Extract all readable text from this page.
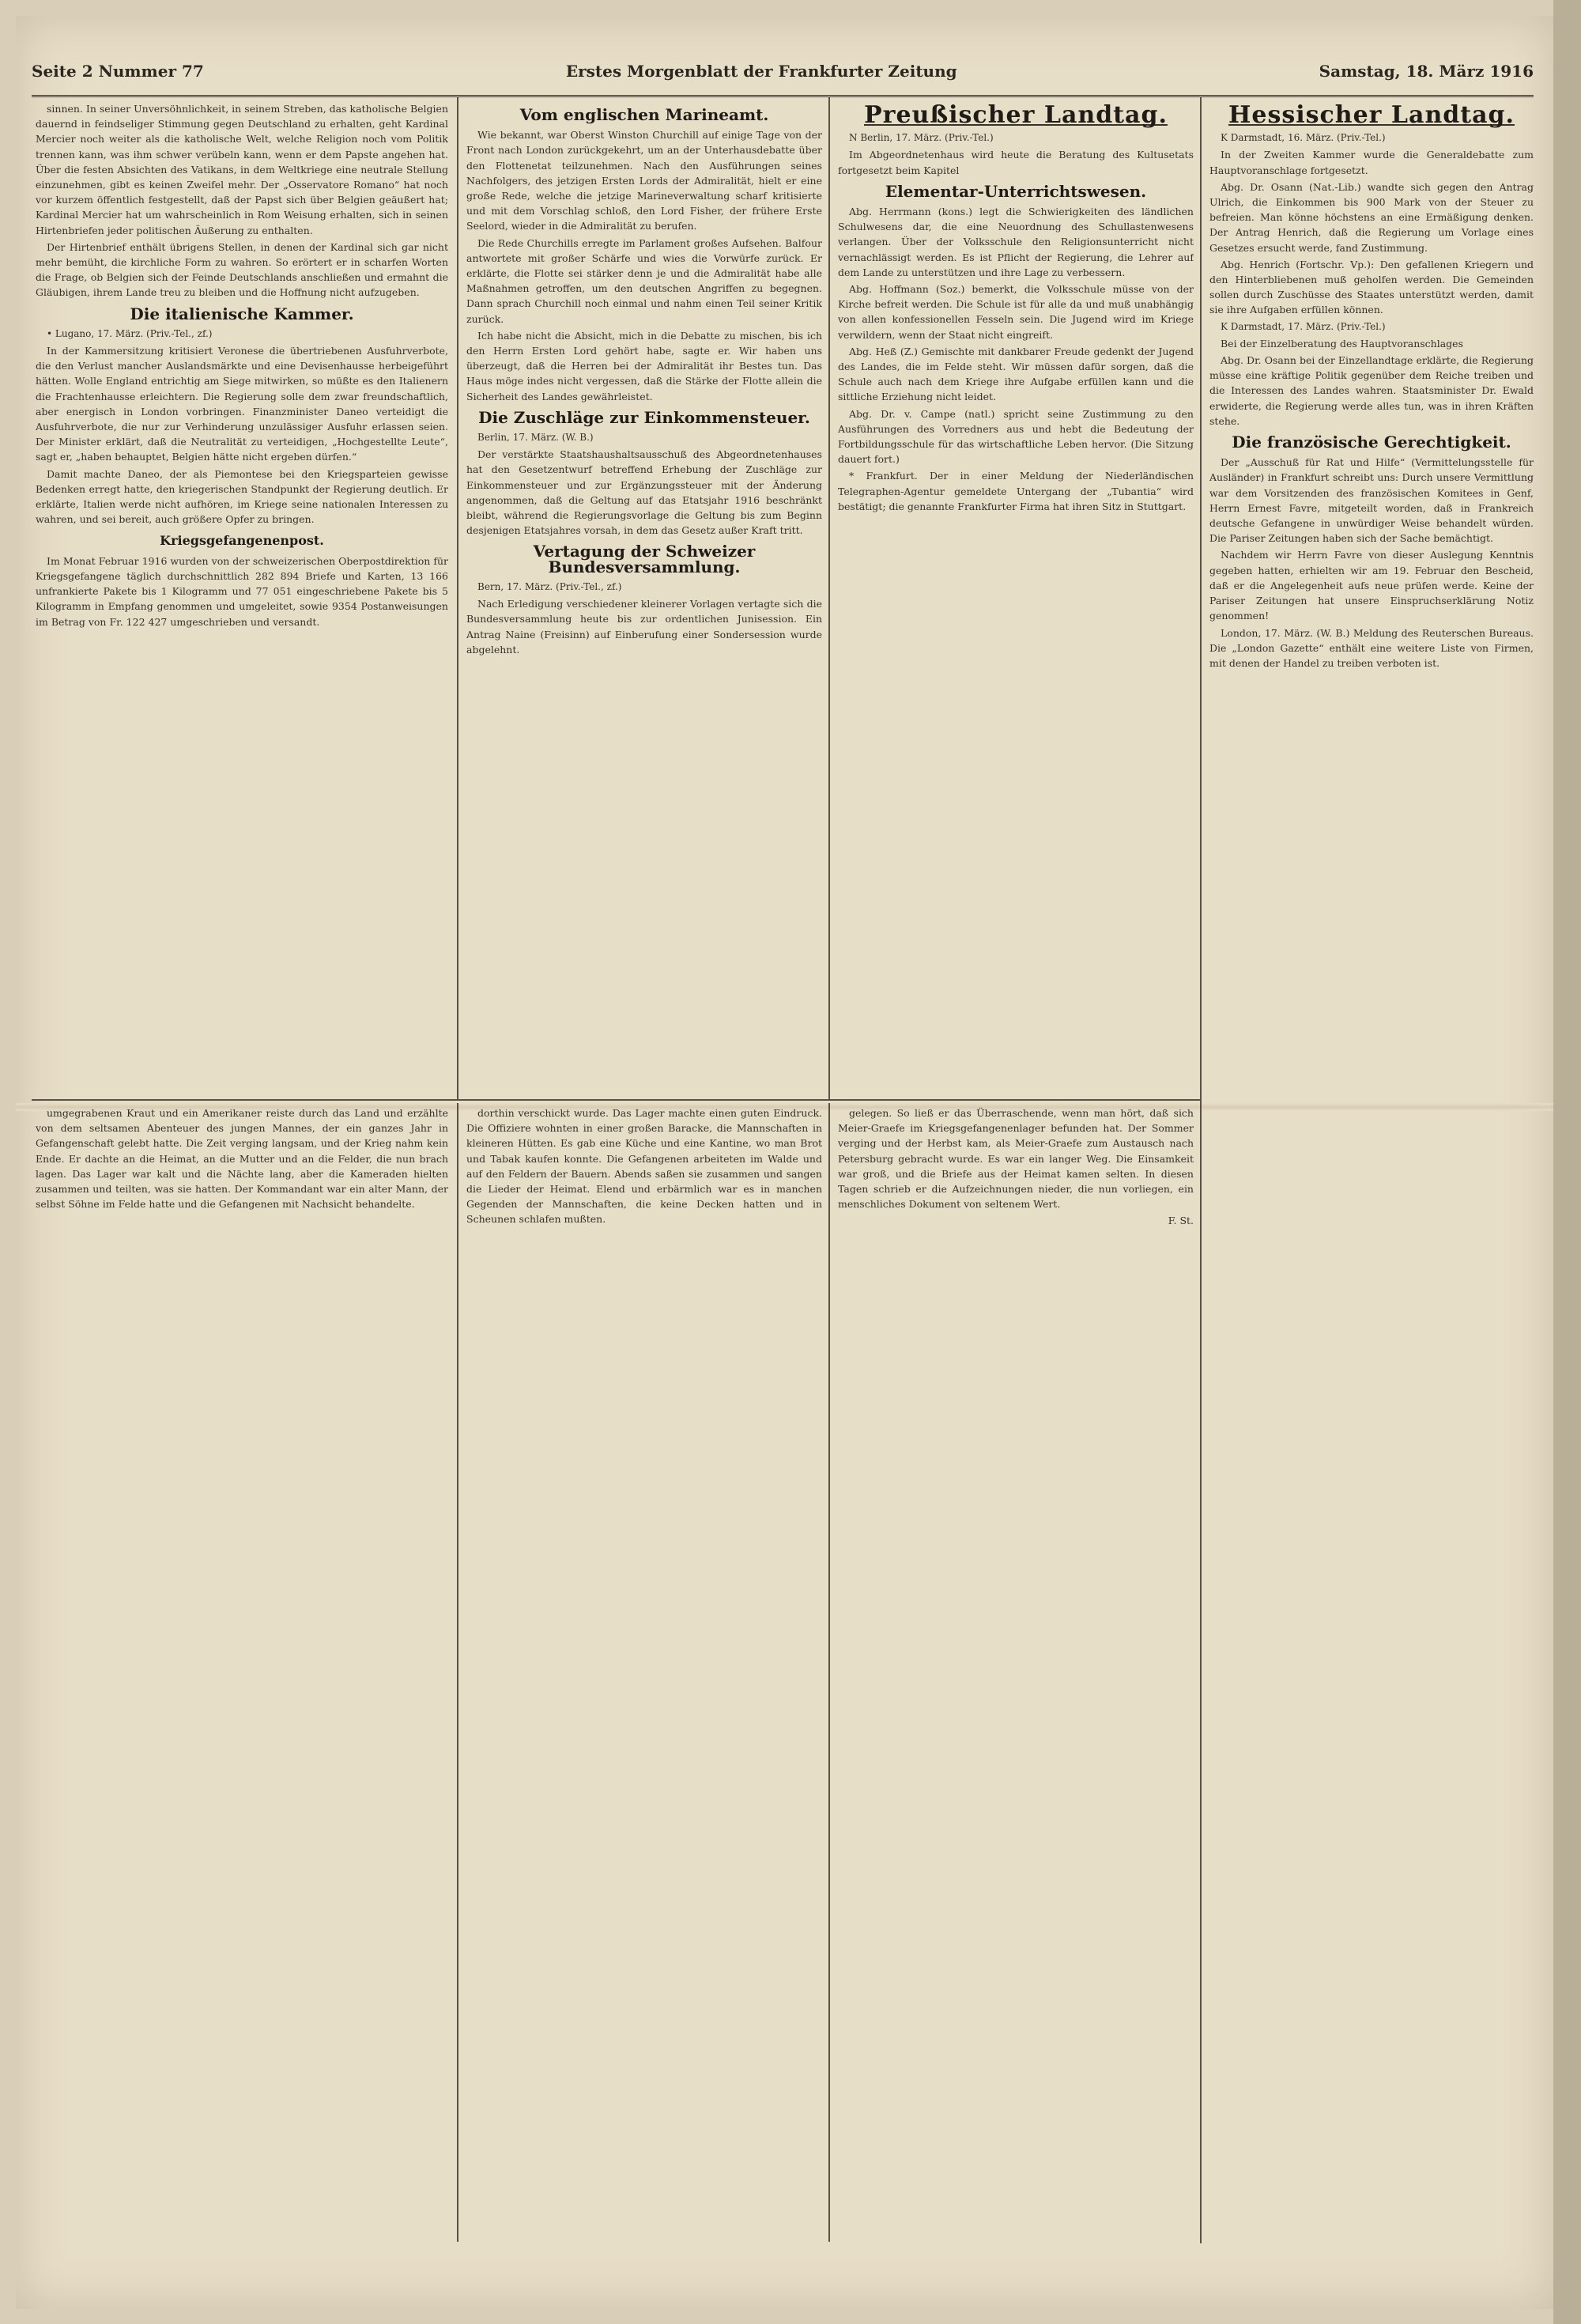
Seite 2 Nummer 77	Erstes Morgenblatt der Frankfurter Zeitung	Samstag, 18. März 1916

sinnen. In seiner Unversöhnlichkeit, in seinem Streben, das katholische Belgien dauernd in feindseliger Stimmung gegen Deutschland zu erhalten, geht Kardinal Mercier noch weiter als die katholische Welt, welche Religion noch vom Politik trennen kann, was ihm schwer verübeln kann, wenn er dem Papste angehen hat. Über die festen Absichten des Vatikans, in dem Weltkriege eine neutrale Stellung einzunehmen, gibt es keinen Zweifel mehr. Der „Osservatore Romano“ hat noch vor kurzem öffentlich festgestellt, daß der Papst sich über Belgien geäußert hat; Kardinal Mercier hat um wahrscheinlich in Rom Weisung erhalten, sich in seinen Hirtenbriefen jeder politischen Äußerung zu enthalten.

Der Hirtenbrief enthält übrigens Stellen, in denen der Kardinal sich gar nicht mehr bemüht, die kirchliche Form zu wahren. So erörtert er in scharfen Worten die Frage, ob Belgien sich der Feinde Deutschlands anschließen und ermahnt die Gläubigen, ihrem Lande treu zu bleiben und die Hoffnung nicht aufzugeben.

Die italienische Kammer.

• Lugano, 17. März. (Priv.-Tel., zf.)

In der Kammersitzung kritisiert Veronese die übertriebenen Ausfuhrverbote, die den Verlust mancher Auslandsmärkte und eine Devisenhausse herbeigeführt hätten. Wolle England entrichtig am Siege mitwirken, so müßte es den Italienern die Frachtenhausse erleichtern. Die Regierung solle dem zwar freundschaftlich, aber energisch in London vorbringen. Finanzminister Daneo verteidigt die Ausfuhrverbote, die nur zur Verhinderung unzulässiger Ausfuhr erlassen seien. Der Minister erklärt, daß die Neutralität zu verteidigen, „Hochgestellte Leute“, sagt er, „haben behauptet, Belgien hätte nicht ergeben dürfen.“

Damit machte Daneo, der als Piemontese bei den Kriegsparteien gewisse Bedenken erregt hatte, den kriegerischen Standpunkt der Regierung deutlich. Er erklärte, Italien werde nicht aufhören, im Kriege seine nationalen Interessen zu wahren, und sei bereit, auch größere Opfer zu bringen.

Kriegsgefangenenpost.

Im Monat Februar 1916 wurden von der schweizerischen Oberpostdirektion für Kriegsgefangene täglich durchschnittlich 282 894 Briefe und Karten, 13 166 unfrankierte Pakete bis 1 Kilogramm und 77 051 eingeschriebene Pakete bis 5 Kilogramm in Empfang genommen und umgeleitet, sowie 9354 Postanweisungen im Betrag von Fr. 122 427 umgeschrieben und versandt.

Vom englischen Marineamt.

Wie bekannt, war Oberst Winston Churchill auf einige Tage von der Front nach London zurückgekehrt, um an der Unterhausdebatte über den Flottenetat teilzunehmen. Nach den Ausführungen seines Nachfolgers, des jetzigen Ersten Lords der Admiralität, hielt er eine große Rede, welche die jetzige Marineverwaltung scharf kritisierte und mit dem Vorschlag schloß, den Lord Fisher, der frühere Erste Seelord, wieder in die Admiralität zu berufen.

Die Rede Churchills erregte im Parlament großes Aufsehen. Balfour antwortete mit großer Schärfe und wies die Vorwürfe zurück. Er erklärte, die Flotte sei stärker denn je und die Admiralität habe alle Maßnahmen getroffen, um den deutschen Angriffen zu begegnen. Dann sprach Churchill noch einmal und nahm einen Teil seiner Kritik zurück.

Ich habe nicht die Absicht, mich in die Debatte zu mischen, bis ich den Herrn Ersten Lord gehört habe, sagte er. Wir haben uns überzeugt, daß die Herren bei der Admiralität ihr Bestes tun. Das Haus möge indes nicht vergessen, daß die Stärke der Flotte allein die Sicherheit des Landes gewährleistet.

Die Zuschläge zur Einkommensteuer.

Berlin, 17. März. (W. B.)

Der verstärkte Staatshaushaltsausschuß des Abgeordnetenhauses hat den Gesetzentwurf betreffend Erhebung der Zuschläge zur Einkommensteuer und zur Ergänzungssteuer mit der Änderung angenommen, daß die Geltung auf das Etatsjahr 1916 beschränkt bleibt, während die Regierungsvorlage die Geltung bis zum Beginn desjenigen Etatsjahres vorsah, in dem das Gesetz außer Kraft tritt.

Vertagung der Schweizer Bundesversammlung.

Bern, 17. März. (Priv.-Tel., zf.)

Nach Erledigung verschiedener kleinerer Vorlagen vertagte sich die Bundesversammlung heute bis zur ordentlichen Junisession. Ein Antrag Naine (Freisinn) auf Einberufung einer Sondersession wurde abgelehnt.

Preußischer Landtag.

N Berlin, 17. März. (Priv.-Tel.)

Im Abgeordnetenhaus wird heute die Beratung des Kultusetats fortgesetzt beim Kapitel

Elementar-Unterrichtswesen.

Abg. Herrmann (kons.) legt die Schwierigkeiten des ländlichen Schulwesens dar, die eine Neuordnung des Schullastenwesens verlangen. Über der Volksschule den Religionsunterricht nicht vernachlässigt werden. Es ist Pflicht der Regierung, die Lehrer auf dem Lande zu unterstützen und ihre Lage zu verbessern.

Abg. Hoffmann (Soz.) bemerkt, die Volksschule müsse von der Kirche befreit werden. Die Schule ist für alle da und muß unabhängig von allen konfessionellen Fesseln sein. Die Jugend wird im Kriege verwildern, wenn der Staat nicht eingreift.

Abg. Heß (Z.) Gemischte mit dankbarer Freude gedenkt der Jugend des Landes, die im Felde steht. Wir müssen dafür sorgen, daß die Schule auch nach dem Kriege ihre Aufgabe erfüllen kann und die sittliche Erziehung nicht leidet.

Abg. Dr. v. Campe (natl.) spricht seine Zustimmung zu den Ausführungen des Vorredners aus und hebt die Bedeutung der Fortbildungsschule für das wirtschaftliche Leben hervor. (Die Sitzung dauert fort.)

* Frankfurt. Der in einer Meldung der Niederländischen Telegraphen-Agentur gemeldete Untergang der „Tubantia“ wird bestätigt; die genannte Frankfurter Firma hat ihren Sitz in Stuttgart.

Hessischer Landtag.

K Darmstadt, 16. März. (Priv.-Tel.)

In der Zweiten Kammer wurde die Generaldebatte zum Hauptvoranschlage fortgesetzt.

Abg. Dr. Osann (Nat.-Lib.) wandte sich gegen den Antrag Ulrich, die Einkommen bis 900 Mark von der Steuer zu befreien. Man könne höchstens an eine Ermäßigung denken. Der Antrag Henrich, daß die Regierung um Vorlage eines Gesetzes ersucht werde, fand Zustimmung.

Abg. Henrich (Fortschr. Vp.): Den gefallenen Kriegern und den Hinterbliebenen muß geholfen werden. Die Gemeinden sollen durch Zuschüsse des Staates unterstützt werden, damit sie ihre Aufgaben erfüllen können.

K Darmstadt, 17. März. (Priv.-Tel.)

Bei der Einzelberatung des Hauptvoranschlages

Abg. Dr. Osann bei der Einzellandtage erklärte, die Regierung müsse eine kräftige Politik gegenüber dem Reiche treiben und die Interessen des Landes wahren. Staatsminister Dr. Ewald erwiderte, die Regierung werde alles tun, was in ihren Kräften stehe.

Die französische Gerechtigkeit.

Der „Ausschuß für Rat und Hilfe“ (Vermittelungsstelle für Ausländer) in Frankfurt schreibt uns: Durch unsere Vermittlung war dem Vorsitzenden des französischen Komitees in Genf, Herrn Ernest Favre, mitgeteilt worden, daß in Frankreich deutsche Gefangene in unwürdiger Weise behandelt würden. Die Pariser Zeitungen haben sich der Sache bemächtigt.

Nachdem wir Herrn Favre von dieser Auslegung Kenntnis gegeben hatten, erhielten wir am 19. Februar den Bescheid, daß er die Angelegenheit aufs neue prüfen werde. Keine der Pariser Zeitungen hat unsere Einspruchserklärung Notiz genommen!

London, 17. März. (W. B.) Meldung des Reuterschen Bureaus. Die „London Gazette“ enthält eine weitere Liste von Firmen, mit denen der Handel zu treiben verboten ist.

umgegrabenen Kraut und ein Amerikaner reiste durch das Land und erzählte von dem seltsamen Abenteuer des jungen Mannes, der ein ganzes Jahr in Gefangenschaft gelebt hatte. Die Zeit verging langsam, und der Krieg nahm kein Ende. Er dachte an die Heimat, an die Mutter und an die Felder, die nun brach lagen. Das Lager war kalt und die Nächte lang, aber die Kameraden hielten zusammen und teilten, was sie hatten. Der Kommandant war ein alter Mann, der selbst Söhne im Felde hatte und die Gefangenen mit Nachsicht behandelte.

dorthin verschickt wurde. Das Lager machte einen guten Eindruck. Die Offiziere wohnten in einer großen Baracke, die Mannschaften in kleineren Hütten. Es gab eine Küche und eine Kantine, wo man Brot und Tabak kaufen konnte. Die Gefangenen arbeiteten im Walde und auf den Feldern der Bauern. Abends saßen sie zusammen und sangen die Lieder der Heimat. Elend und erbärmlich war es in manchen Gegenden der Mannschaften, die keine Decken hatten und in Scheunen schlafen mußten.

gelegen. So ließ er das Überraschende, wenn man hört, daß sich Meier-Graefe im Kriegsgefangenenlager befunden hat. Der Sommer verging und der Herbst kam, als Meier-Graefe zum Austausch nach Petersburg gebracht wurde. Es war ein langer Weg. Die Einsamkeit war groß, und die Briefe aus der Heimat kamen selten. In diesen Tagen schrieb er die Aufzeichnungen nieder, die nun vorliegen, ein menschliches Dokument von seltenem Wert.

F. St.
